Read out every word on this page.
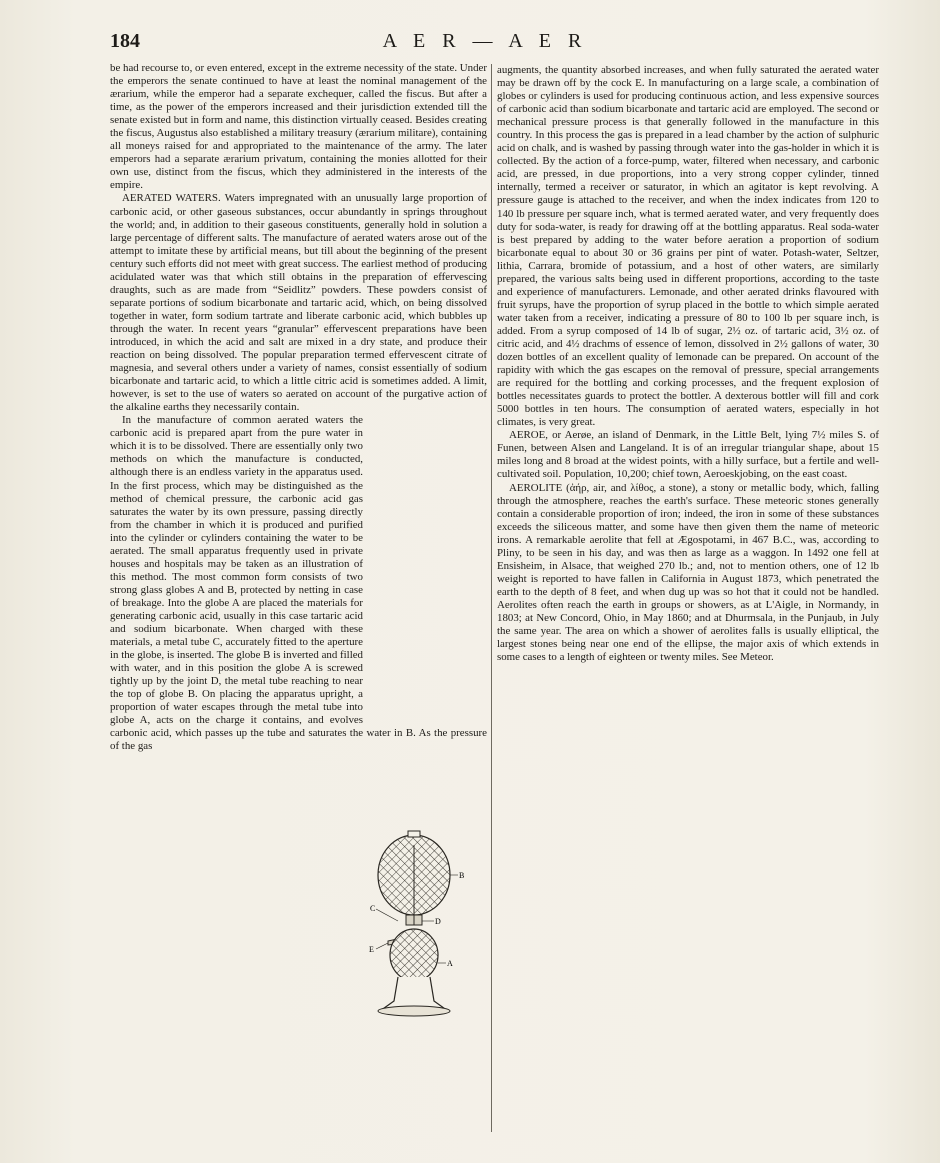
184	A E R — A E R

be had recourse to, or even entered, except in the extreme necessity of the state. Under the emperors the senate continued to have at least the nominal management of the ærarium, while the emperor had a separate exchequer, called the fiscus. But after a time, as the power of the emperors increased and their jurisdiction extended till the senate existed but in form and name, this distinction virtually ceased. Besides creating the fiscus, Augustus also established a military treasury (ærarium militare), containing all moneys raised for and appropriated to the maintenance of the army. The later emperors had a separate ærarium privatum, containing the monies allotted for their own use, distinct from the fiscus, which they administered in the interests of the empire.

AERATED WATERS. Waters impregnated with an unusually large proportion of carbonic acid, or other gaseous substances, occur abundantly in springs throughout the world; and, in addition to their gaseous constituents, generally hold in solution a large percentage of different salts. The manufacture of aerated waters arose out of the attempt to imitate these by artificial means, but till about the beginning of the present century such efforts did not meet with great success. The earliest method of producing acidulated water was that which still obtains in the preparation of effervescing draughts, such as are made from “Seidlitz” powders. These powders consist of separate portions of sodium bicarbonate and tartaric acid, which, on being dissolved together in water, form sodium tartrate and liberate carbonic acid, which bubbles up through the water. In recent years “granular” effervescent preparations have been introduced, in which the acid and salt are mixed in a dry state, and produce their reaction on being dissolved. The popular preparation termed effervescent citrate of magnesia, and several others under a variety of names, consist essentially of sodium bicarbonate and tartaric acid, to which a little citric acid is sometimes added. A limit, however, is set to the use of waters so aerated on account of the purgative action of the alkaline earths they necessarily contain.

In the manufacture of common aerated waters the carbonic acid is prepared apart from the pure water in which it is to be dissolved. There are essentially only two methods on which the manufacture is conducted, although there is an endless variety in the apparatus used. In the first process, which may be distinguished as the method of chemical pressure, the carbonic acid gas saturates the water by its own pressure, passing directly from the chamber in which it is produced and purified into the cylinder or cylinders containing the water to be aerated. The small apparatus frequently used in private houses and hospitals may be taken as an illustration of this method. The most common form consists of two strong glass globes A and B, protected by netting in case of breakage. Into the globe A are placed the materials for generating carbonic acid, usually in this case tartaric acid and sodium bicarbonate. When charged with these materials, a metal tube C, accurately fitted to the aperture in the globe, is inserted. The globe B is inverted and filled with water, and in this position the globe A is screwed tightly up by the joint D, the metal tube reaching to near the top of globe B. On placing the apparatus upright, a proportion of water escapes through the metal tube into globe A, acts on the charge it contains, and evolves carbonic acid, which passes up the tube and saturates the water in B. As the pressure of the gas

augments, the quantity absorbed increases, and when fully saturated the aerated water may be drawn off by the cock E. In manufacturing on a large scale, a combination of globes or cylinders is used for producing continuous action, and less expensive sources of carbonic acid than sodium bicarbonate and tartaric acid are employed. The second or mechanical pressure process is that generally followed in the manufacture in this country. In this process the gas is prepared in a lead chamber by the action of sulphuric acid on chalk, and is washed by passing through water into the gas-holder in which it is collected. By the action of a force-pump, water, filtered when necessary, and carbonic acid, are pressed, in due proportions, into a very strong copper cylinder, tinned internally, termed a receiver or saturator, in which an agitator is kept revolving. A pressure gauge is attached to the receiver, and when the index indicates from 120 to 140 lb pressure per square inch, what is termed aerated water, and very frequently does duty for soda-water, is ready for drawing off at the bottling apparatus. Real soda-water is best prepared by adding to the water before aeration a proportion of sodium bicarbonate equal to about 30 or 36 grains per pint of water. Potash-water, Seltzer, lithia, Carrara, bromide of potassium, and a host of other waters, are similarly prepared, the various salts being used in different proportions, according to the taste and experience of manufacturers. Lemonade, and other aerated drinks flavoured with fruit syrups, have the proportion of syrup placed in the bottle to which simple aerated water taken from a receiver, indicating a pressure of 80 to 100 lb per square inch, is added. From a syrup composed of 14 lb of sugar, 2½ oz. of tartaric acid, 3½ oz. of citric acid, and 4½ drachms of essence of lemon, dissolved in 2½ gallons of water, 30 dozen bottles of an excellent quality of lemonade can be prepared. On account of the rapidity with which the gas escapes on the removal of pressure, special arrangements are required for the bottling and corking processes, and the frequent explosion of bottles necessitates guards to protect the bottler. A dexterous bottler will fill and cork 5000 bottles in ten hours. The consumption of aerated waters, especially in hot climates, is very great.

AEROE, or Aerøe, an island of Denmark, in the Little Belt, lying 7½ miles S. of Funen, between Alsen and Langeland. It is of an irregular triangular shape, about 15 miles long and 8 broad at the widest points, with a hilly surface, but a fertile and well-cultivated soil. Population, 10,200; chief town, Aeroeskjobing, on the east coast.

AEROLITE (ἀήρ, air, and λίθος, a stone), a stony or metallic body, which, falling through the atmosphere, reaches the earth's surface. These meteoric stones generally contain a considerable proportion of iron; indeed, the iron in some of these substances exceeds the siliceous matter, and some have then given them the name of meteoric irons. A remarkable aerolite that fell at Ægospotami, in 467 B.C., was, according to Pliny, to be seen in his day, and was then as large as a waggon. In 1492 one fell at Ensisheim, in Alsace, that weighed 270 lb.; and, not to mention others, one of 12 lb weight is reported to have fallen in California in August 1873, which penetrated the earth to the depth of 8 feet, and when dug up was so hot that it could not be handled. Aerolites often reach the earth in groups or showers, as at L'Aigle, in Normandy, in 1803; at New Concord, Ohio, in May 1860; and at Dhurmsala, in the Punjaub, in July the same year. The area on which a shower of aerolites falls is usually elliptical, the largest stones being near one end of the ellipse, the major axis of which extends in some cases to a length of eighteen or twenty miles. See Meteor.

B
C
D
E
A
